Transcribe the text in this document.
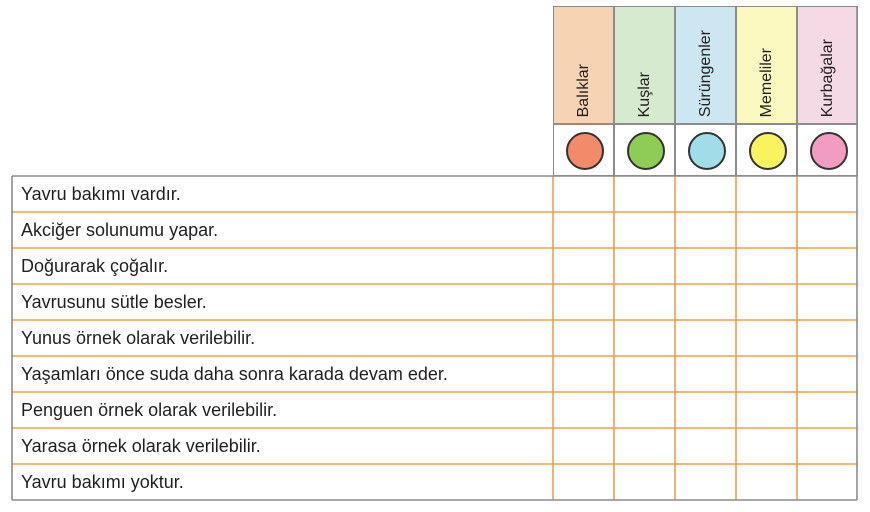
Balıklar	Kuşlar	Sürüngenler	Memeliler	Kurbağalar
Yavru bakımı vardır.
Akciğer solunumu yapar.
Doğurarak çoğalır.
Yavrusunu sütle besler.
Yunus örnek olarak verilebilir.
Yaşamları önce suda daha sonra karada devam eder.
Penguen örnek olarak verilebilir.
Yarasa örnek olarak verilebilir.
Yavru bakımı yoktur.
